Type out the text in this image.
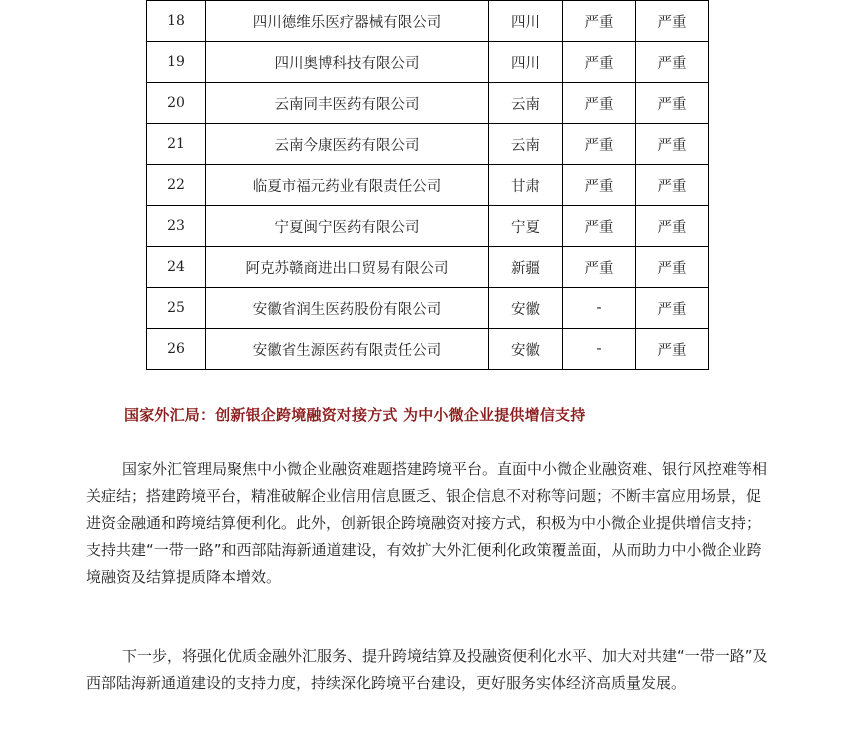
18	四川德维乐医疗器械有限公司	四川	严重	严重
19	四川奥博科技有限公司	四川	严重	严重
20	云南同丰医药有限公司	云南	严重	严重
21	云南今康医药有限公司	云南	严重	严重
22	临夏市福元药业有限责任公司	甘肃	严重	严重
23	宁夏闽宁医药有限公司	宁夏	严重	严重
24	阿克苏赣商进出口贸易有限公司	新疆	严重	严重
25	安徽省润生医药股份有限公司	安徽	-	严重
26	安徽省生源医药有限责任公司	安徽	-	严重
国家外汇局：创新银企跨境融资对接方式 为中小微企业提供增信支持

国家外汇管理局聚焦中小微企业融资难题搭建跨境平台。直面中小微企业融资难、银行风控难等相关症结；搭建跨境平台，精准破解企业信用信息匮乏、银企信息不对称等问题；不断丰富应用场景，促进资金融通和跨境结算便利化。此外，创新银企跨境融资对接方式，积极为中小微企业提供增信支持；支持共建“一带一路”和西部陆海新通道建设，有效扩大外汇便利化政策覆盖面，从而助力中小微企业跨境融资及结算提质降本增效。

下一步，将强化优质金融外汇服务、提升跨境结算及投融资便利化水平、加大对共建“一带一路”及西部陆海新通道建设的支持力度，持续深化跨境平台建设，更好服务实体经济高质量发展。
